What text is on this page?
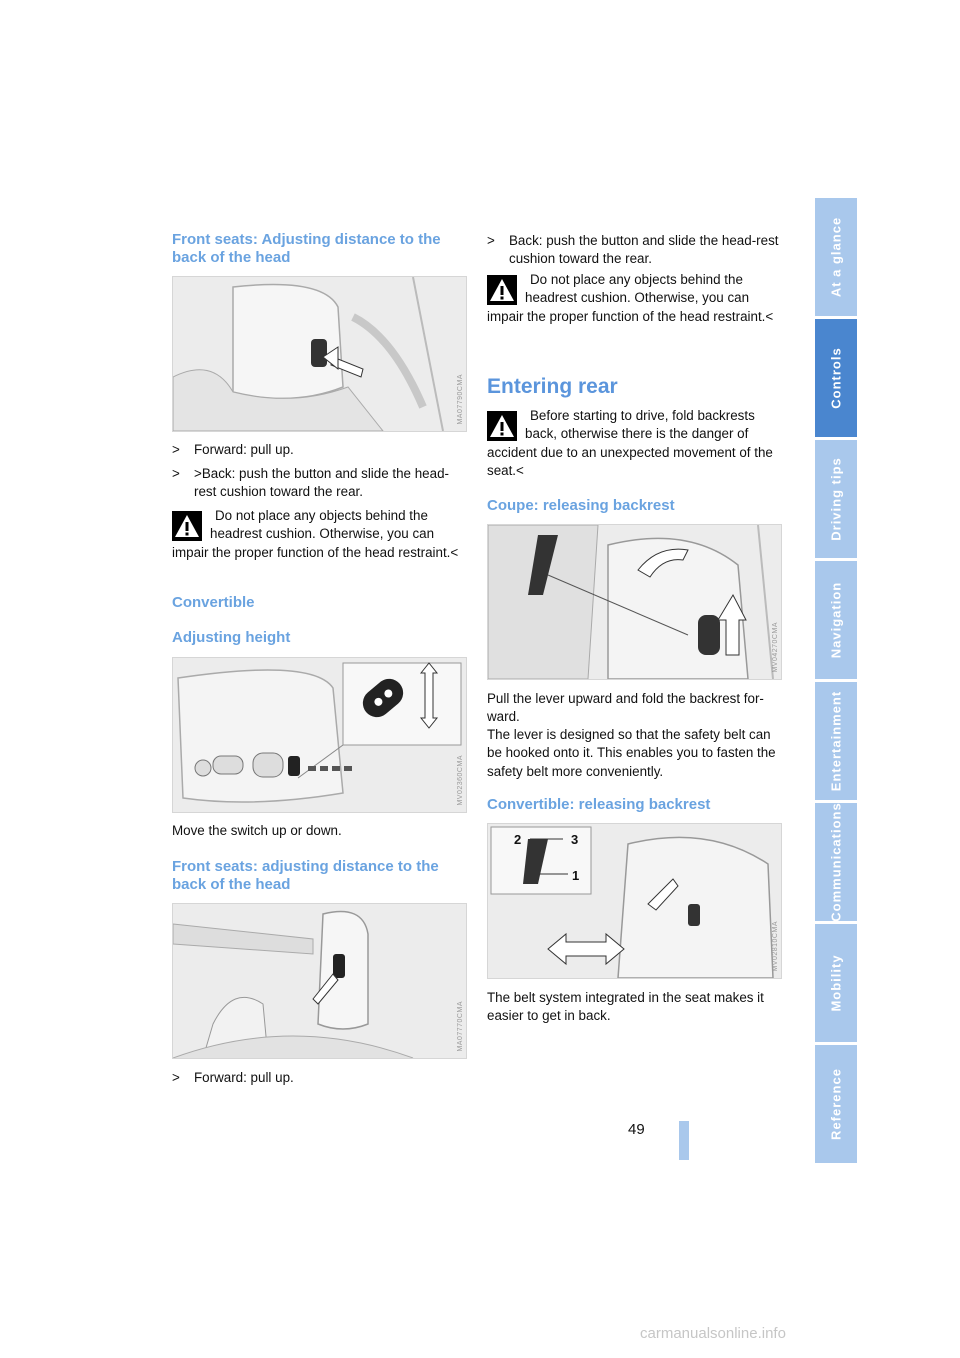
Front seats: Adjusting distance to the back of the head
MA07790CMA

> Forward: pull up.

> >Back: push the button and slide the head-rest cushion toward the rear.

Do not place any objects behind the headrest cushion. Otherwise, you can impair the proper function of the head restraint.<
Convertible
Adjusting height
MV02360CMA

Move the switch up or down.

Front seats: adjusting distance to the back of the head
MA07770CMA

> Forward: pull up.

> Back: push the button and slide the head-rest cushion toward the rear.

Do not place any objects behind the headrest cushion. Otherwise, you can impair the proper function of the head restraint.<
Entering rear
Before starting to drive, fold backrests back, otherwise there is the danger of accident due to an unexpected movement of the seat.<
Coupe: releasing backrest
MV04270CMA

Pull the lever upward and fold the backrest for-ward.

The lever is designed so that the safety belt can be hooked onto it. This enables you to fasten the safety belt more conveniently.

Convertible: releasing backrest
2	3
1
MV02810CMA

The belt system integrated in the seat makes it easier to get in back.

At a glance
Controls
Driving tips
Navigation
Entertainment
Communications
Mobility
Reference
49
carmanualsonline.info
